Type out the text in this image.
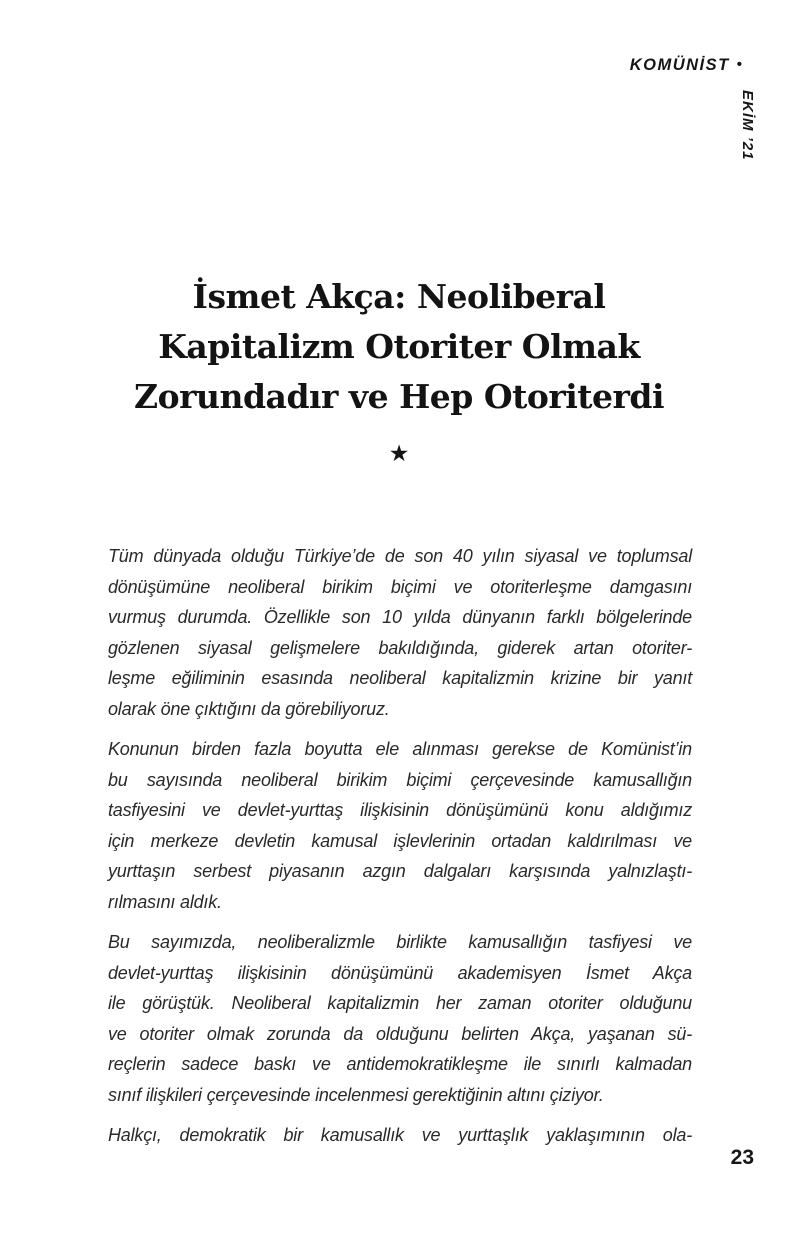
KOMÜNİST •
EKİM ’21
İsmet Akça: Neoliberal
Kapitalizm Otoriter Olmak
Zorundadır ve Hep Otoriterdi
★

Tüm dünyada olduğu Türkiye’de de son 40 yılın siyasal ve toplumsal
dönüşümüne neoliberal birikim biçimi ve otoriterleşme damgasını
vurmuş durumda. Özellikle son 10 yılda dünyanın farklı bölgelerinde
gözlenen siyasal gelişmelere bakıldığında, giderek artan otoriter-
leşme eğiliminin esasında neoliberal kapitalizmin krizine bir yanıt
olarak öne çıktığını da görebiliyoruz.

Konunun birden fazla boyutta ele alınması gerekse de Komünist’in
bu sayısında neoliberal birikim biçimi çerçevesinde kamusallığın
tasfiyesini ve devlet-yurttaş ilişkisinin dönüşümünü konu aldığımız
için merkeze devletin kamusal işlevlerinin ortadan kaldırılması ve
yurttaşın serbest piyasanın azgın dalgaları karşısında yalnızlaştı-
rılmasını aldık.

Bu sayımızda, neoliberalizmle birlikte kamusallığın tasfiyesi ve
devlet-yurttaş ilişkisinin dönüşümünü akademisyen İsmet Akça
ile görüştük. Neoliberal kapitalizmin her zaman otoriter olduğunu
ve otoriter olmak zorunda da olduğunu belirten Akça, yaşanan sü-
reçlerin sadece baskı ve antidemokratikleşme ile sınırlı kalmadan
sınıf ilişkileri çerçevesinde incelenmesi gerektiğinin altını çiziyor.

Halkçı, demokratik bir kamusallık ve yurttaşlık yaklaşımının ola-

23
